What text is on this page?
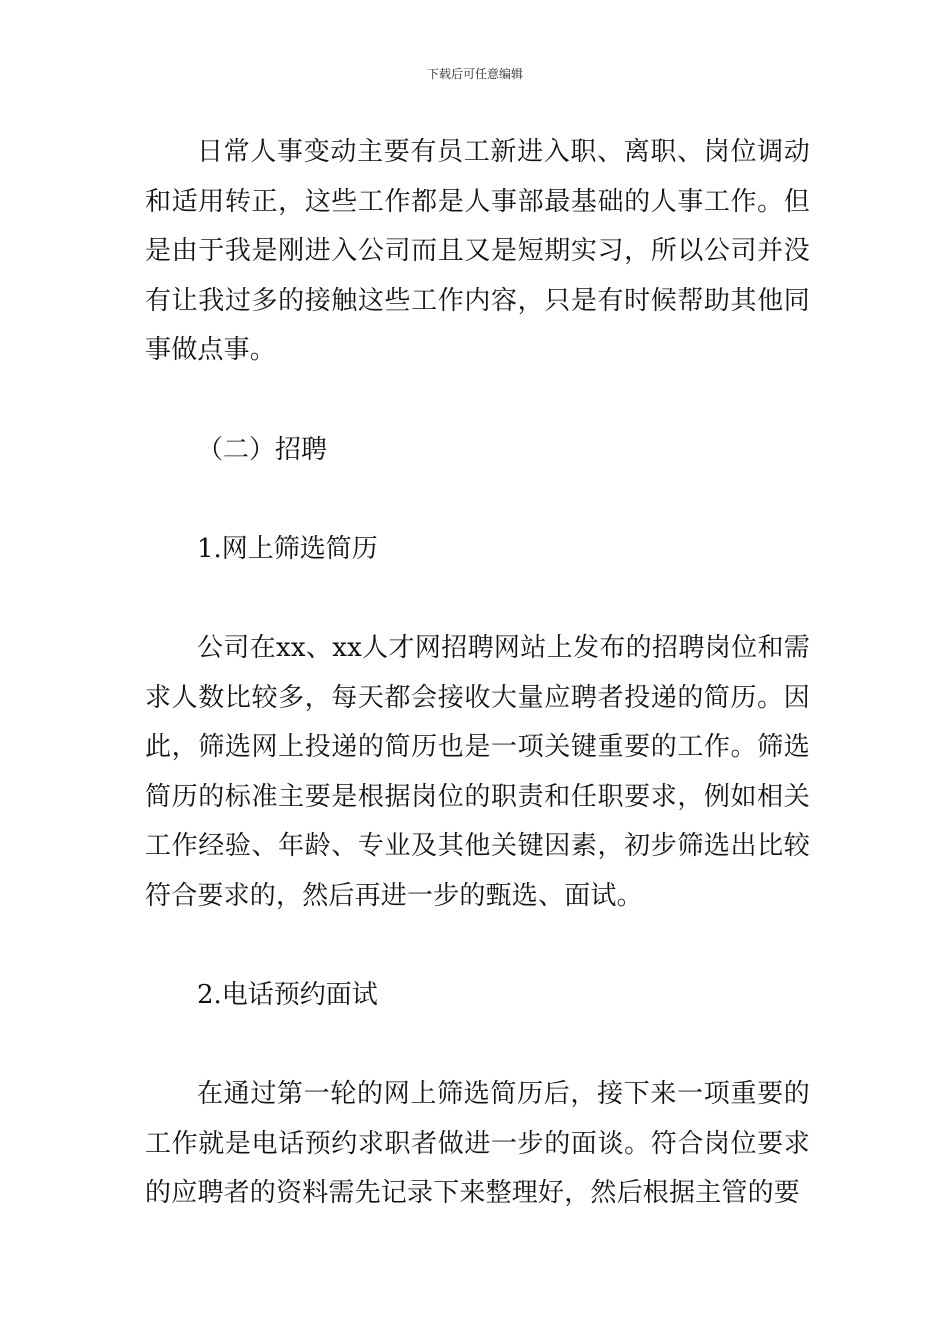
下载后可任意编辑

日常人事变动主要有员工新进入职、离职、岗位调动和适用转正，这些工作都是人事部最基础的人事工作。但是由于我是刚进入公司而且又是短期实习，所以公司并没有让我过多的接触这些工作内容，只是有时候帮助其他同事做点事。

（二）招聘

1.网上筛选简历

公司在xx、xx人才网招聘网站上发布的招聘岗位和需求人数比较多，每天都会接收大量应聘者投递的简历。因此，筛选网上投递的简历也是一项关键重要的工作。筛选简历的标准主要是根据岗位的职责和任职要求，例如相关工作经验、年龄、专业及其他关键因素，初步筛选出比较符合要求的，然后再进一步的甄选、面试。

2.电话预约面试

在通过第一轮的网上筛选简历后，接下来一项重要的工作就是电话预约求职者做进一步的面谈。符合岗位要求的应聘者的资料需先记录下来整理好，然后根据主管的要
